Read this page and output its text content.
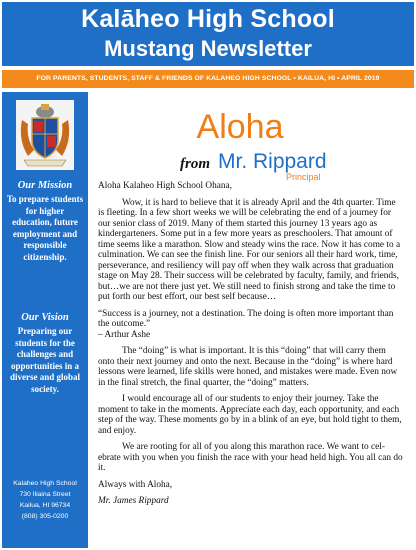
Kalāheo High School
Mustang Newsletter
FOR PARENTS, STUDENTS, STAFF & FRIENDS OF KALAHEO HIGH SCHOOL • KAILUA, HI • APRIL 2019
Our Mission
To prepare students for higher education, future employment and responsible citizenship.
Our Vision
Preparing our students for the challenges and opportunities in a diverse and global society.
Kalaheo High School
730 Iliaina Street
Kailua, HI 96734
(808) 305-0200
Aloha
from Mr. Rippard
Principal

Aloha Kalaheo High School Ohana,

Wow, it is hard to believe that it is already April and the 4th quarter. Time is fleeting. In a few short weeks we will be celebrating the end of a journey for our senior class of 2019. Many of them started this journey 13 years ago as kindergarteners. Some put in a few more years as preschoolers. That amount of time seems like a marathon. Slow and steady wins the race. Now it has come to a culmination. We can see the finish line. For our seniors all their hard work, time, perseverance, and resiliency will pay off when they walk across that graduation stage on May 28. Their success will be celebrated by faculty, family, and friends, but…we are not there just yet. We still need to finish strong and take the time to put forth our best effort, our best self because…

“Success is a journey, not a destination. The doing is often more important than the outcome.”

– Arthur Ashe

The “doing” is what is important. It is this “doing” that will carry them onto their next journey and onto the next. Because in the “doing” is where hard lessons were learned, life skills were honed, and mistakes were made. Even now in the final stretch, the final quarter, the “doing” matters.

I would encourage all of our students to enjoy their journey. Take the moment to take in the moments. Appreciate each day, each opportunity, and each step of the way. These moments go by in a blink of an eye, but hold tight to them, and enjoy.

We are rooting for all of you along this marathon race. We want to cel-ebrate with you when you finish the race with your head held high. You all can do it.

Always with Aloha,

Mr. James Rippard
